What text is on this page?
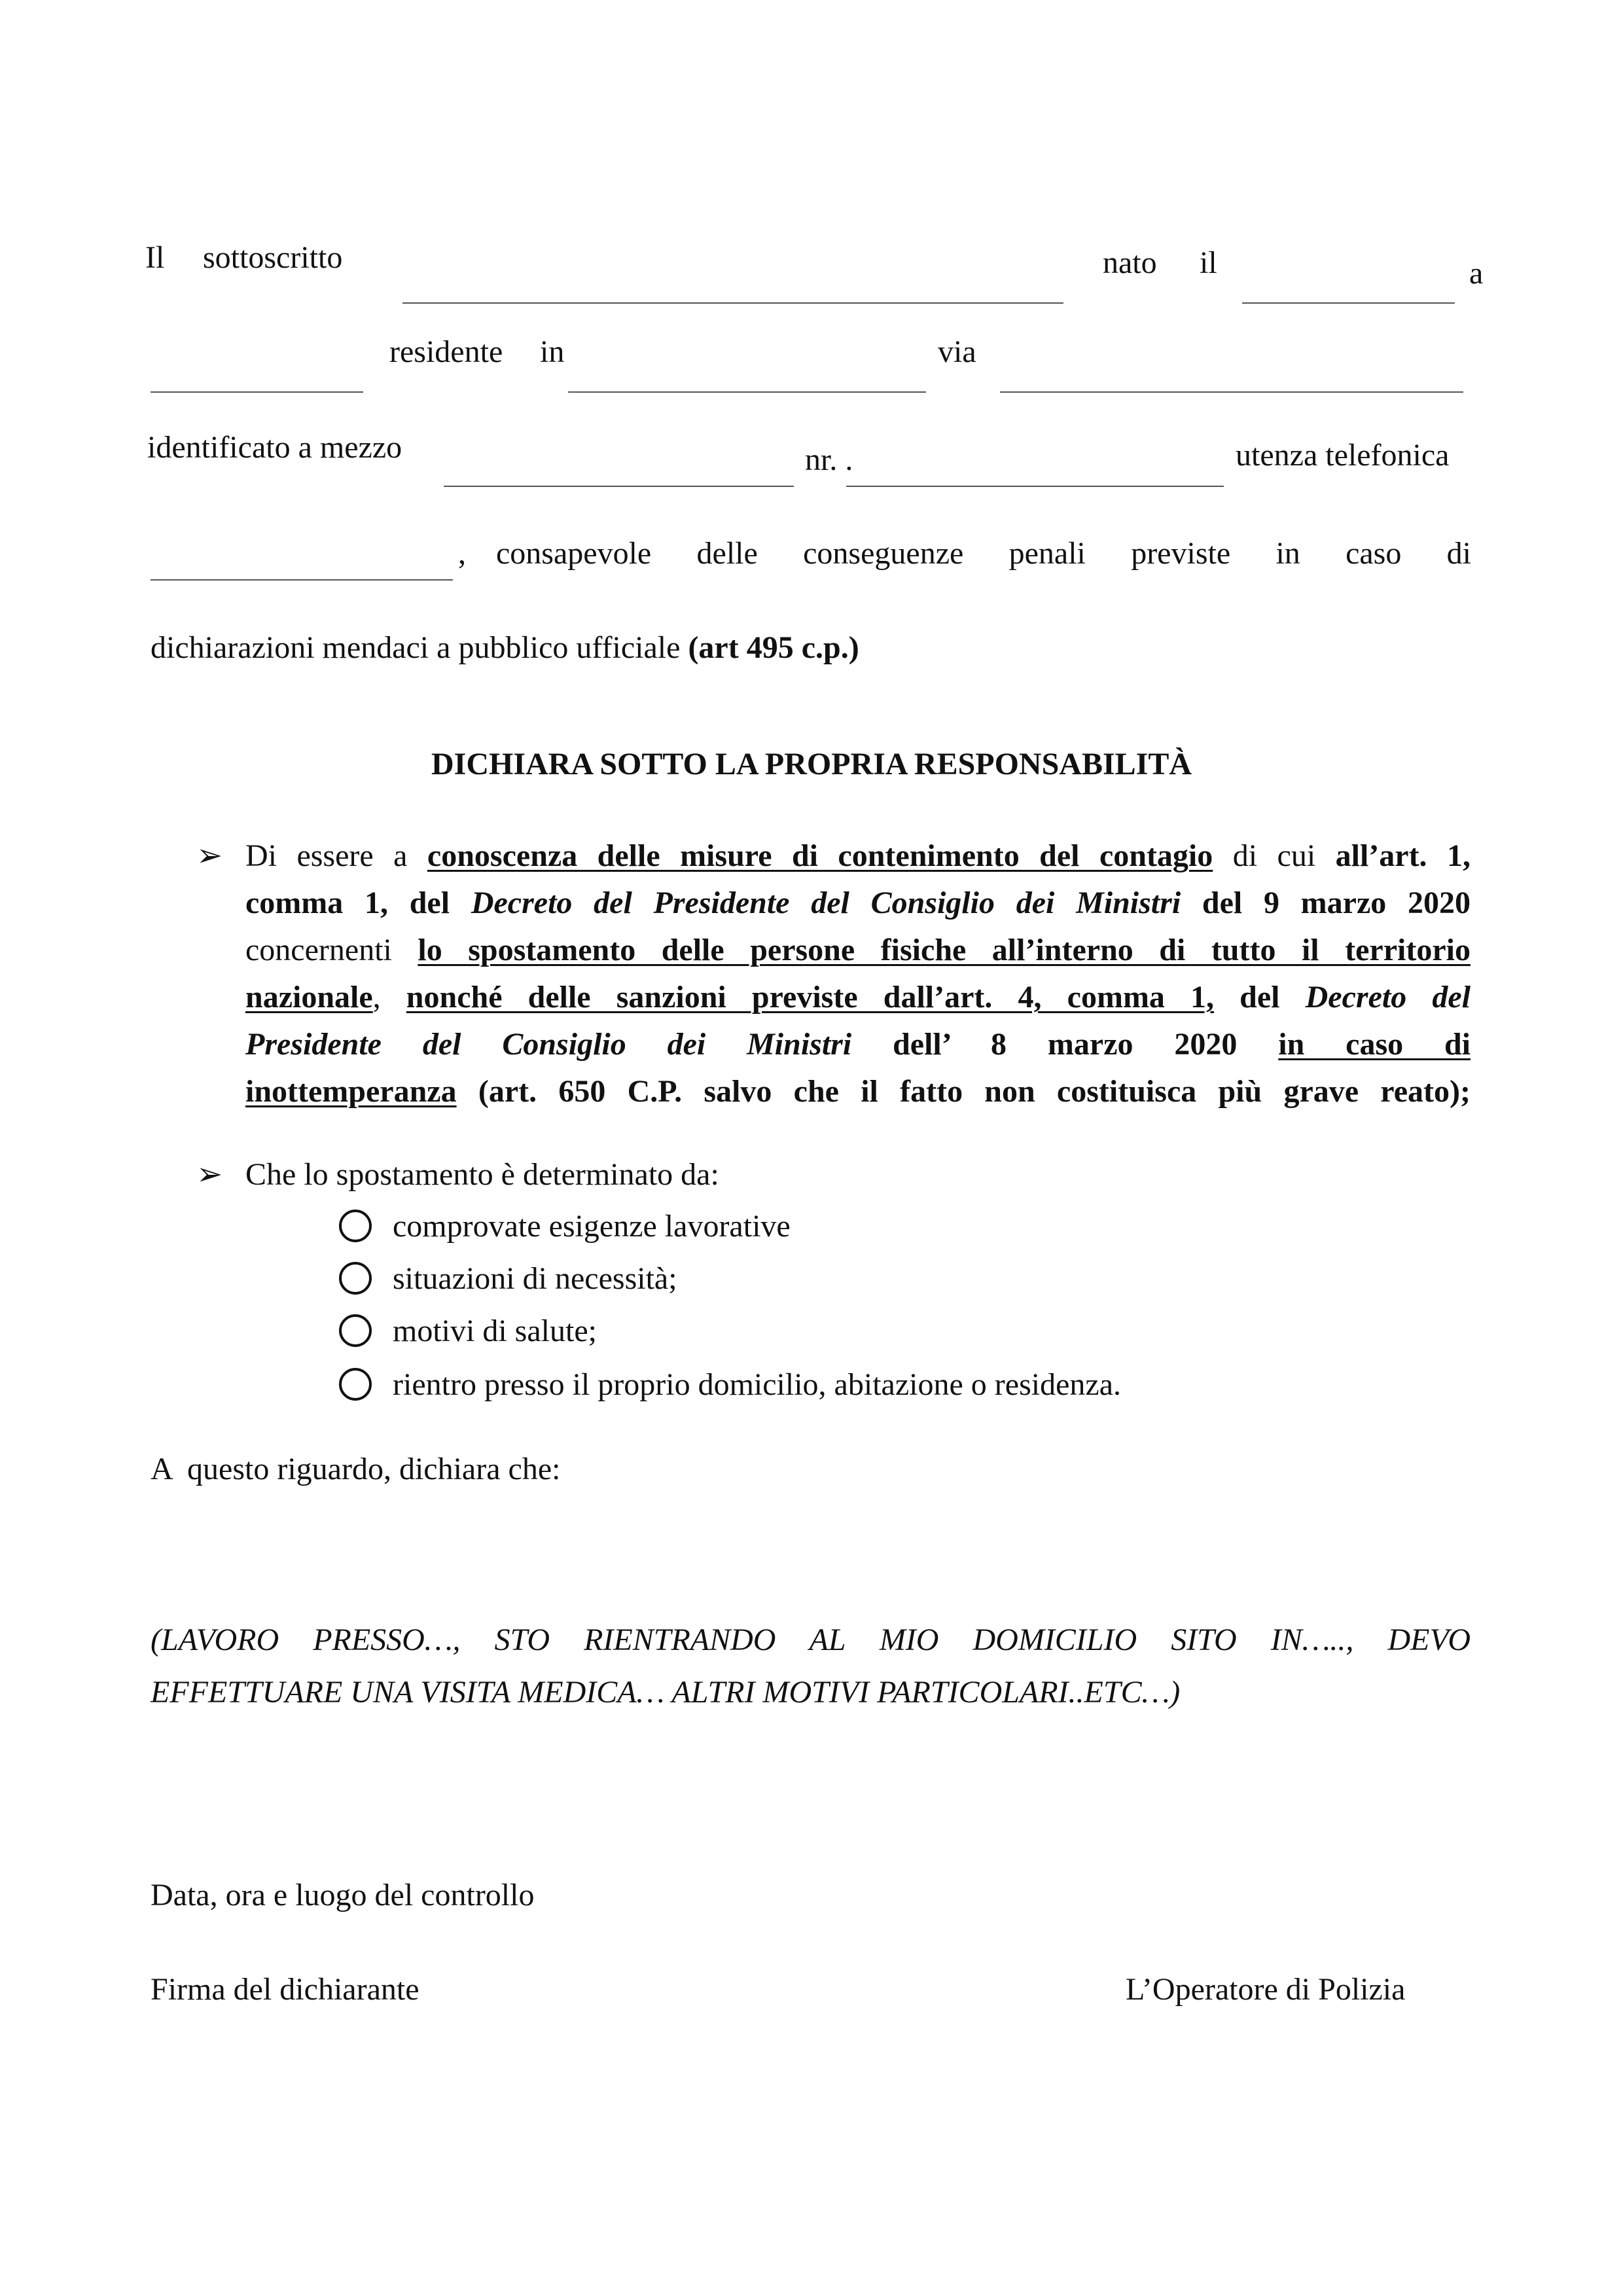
Il sottoscritto	nato il	a
residente in	via
identificato a mezzo	nr. .	utenza telefonica
, consapevole delle conseguenze penali previste in caso di
dichiarazioni mendaci a pubblico ufficiale (art 495 c.p.)
DICHIARA SOTTO LA PROPRIA RESPONSABILITÀ
➢ Di essere a conoscenza delle misure di contenimento del contagio di cui all’art. 1,
comma 1, del Decreto del Presidente del Consiglio dei Ministri del 9 marzo 2020
concernenti lo spostamento delle persone fisiche all’interno di tutto il territorio
nazionale, nonché delle sanzioni previste dall’art. 4, comma 1, del Decreto del
Presidente del Consiglio dei Ministri dell’ 8 marzo 2020 in caso di
inottemperanza (art. 650 C.P. salvo che il fatto non costituisca più grave reato);
➢ Che lo spostamento è determinato da:
comprovate esigenze lavorative
situazioni di necessità;
motivi di salute;
rientro presso il proprio domicilio, abitazione o residenza.
A  questo riguardo, dichiara che:
(LAVORO PRESSO…, STO RIENTRANDO AL MIO DOMICILIO SITO IN….., DEVO
EFFETTUARE UNA VISITA MEDICA… ALTRI MOTIVI PARTICOLARI..ETC…)
Data, ora e luogo del controllo
Firma del dichiarante	L’Operatore di Polizia
